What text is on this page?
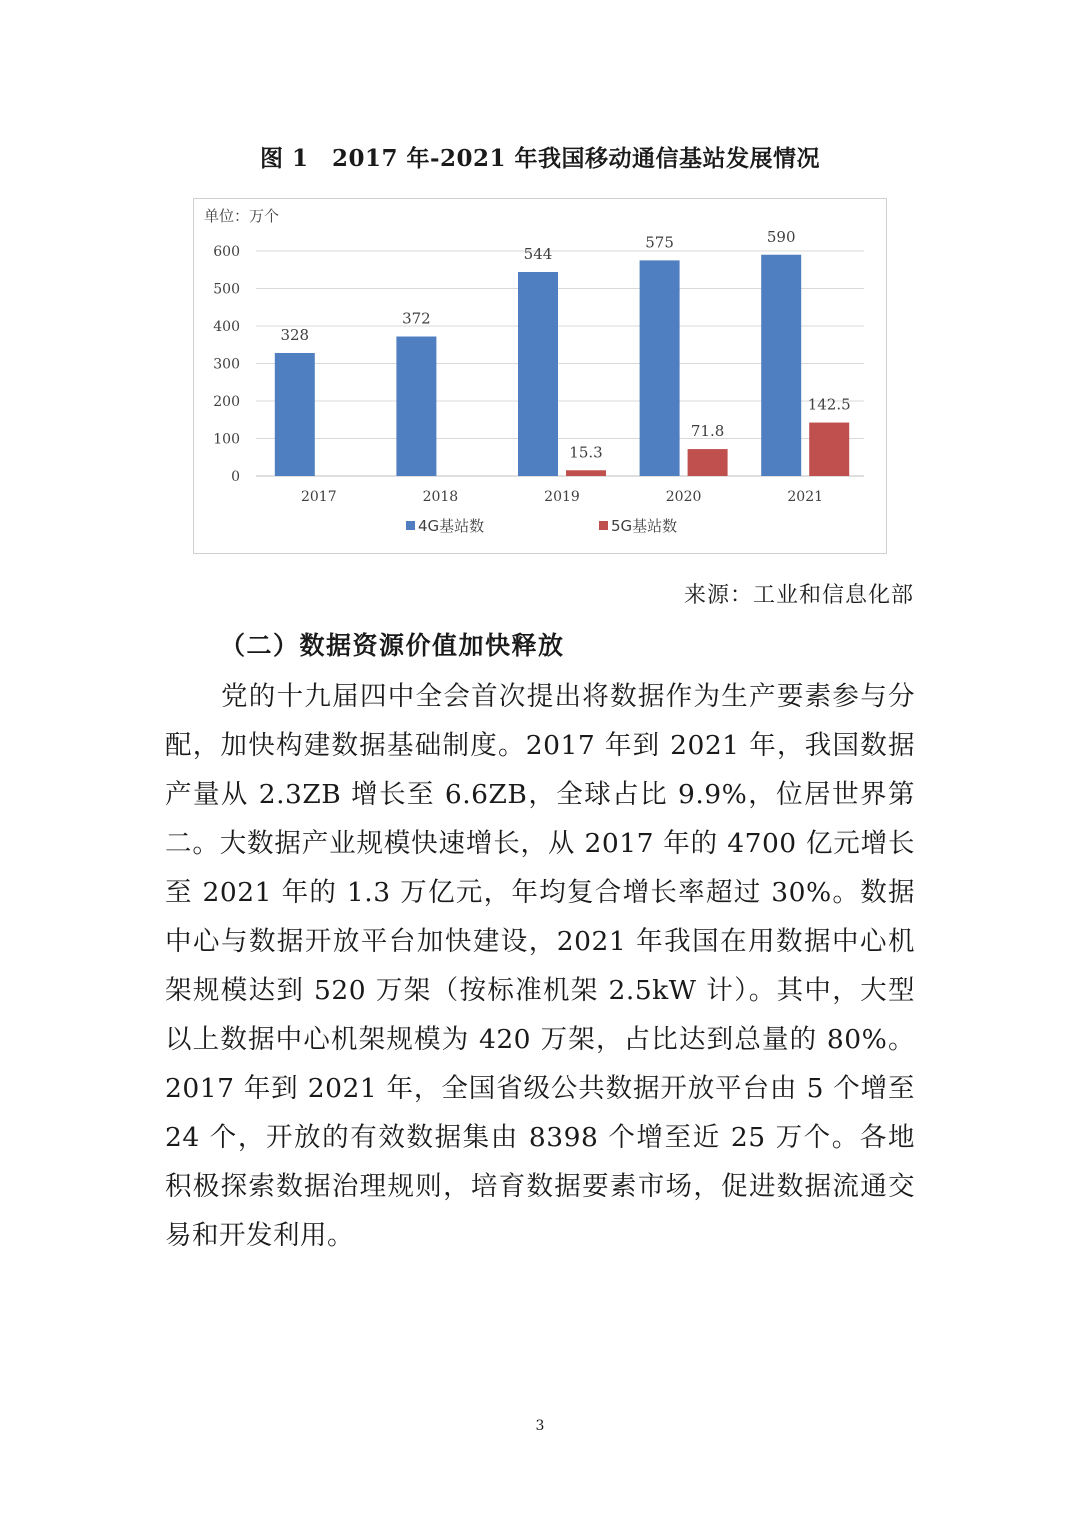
图 1　2017 年-2021 年我国移动通信基站发展情况
单位：万个
0
100
200
300
400
500
600
328
2017
372
2018
544
15.3
2019
575
71.8
2020
590
142.5
2021
4G基站数	5G基站数
来源：工业和信息化部
（二）数据资源价值加快释放

党的十九届四中全会首次提出将数据作为生产要素参与分配，加快构建数据基础制度。2017 年到 2021 年，我国数据产量从 2.3ZB 增长至 6.6ZB，全球占比 9.9%，位居世界第二。大数据产业规模快速增长，从 2017 年的 4700 亿元增长至 2021 年的 1.3 万亿元，年均复合增长率超过 30%。数据中心与数据开放平台加快建设，2021 年我国在用数据中心机架规模达到 520 万架（按标准机架 2.5kW 计）。其中，大型以上数据中心机架规模为 420 万架，占比达到总量的 80%。2017 年到 2021 年，全国省级公共数据开放平台由 5 个增至 24 个，开放的有效数据集由 8398 个增至近 25 万个。各地积极探索数据治理规则，培育数据要素市场，促进数据流通交易和开发利用。

3
